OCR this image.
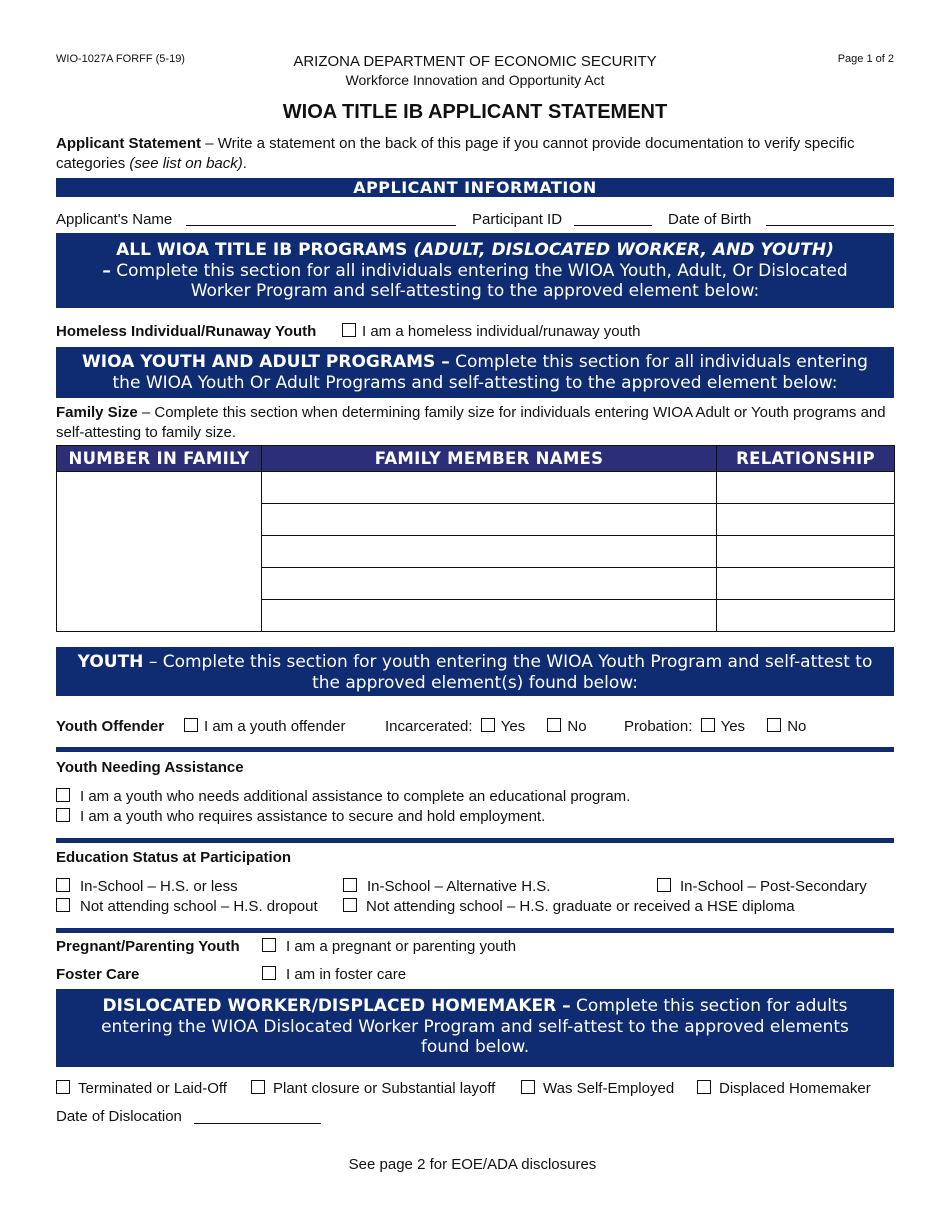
WIO-1027A FORFF (5-19)	Page 1 of 2
ARIZONA DEPARTMENT OF ECONOMIC SECURITY
Workforce Innovation and Opportunity Act
WIOA TITLE IB APPLICANT STATEMENT
Applicant Statement – Write a statement on the back of this page if you cannot provide documentation to verify specific categories (see list on back).
APPLICANT INFORMATION
Applicant's Name	Participant ID	Date of Birth
ALL WIOA TITLE IB PROGRAMS (ADULT, DISLOCATED WORKER, AND YOUTH)
– Complete this section for all individuals entering the WIOA Youth, Adult, Or Dislocated Worker Program and self-attesting to the approved element below:
Homeless Individual/Runaway Youth	I am a homeless individual/runaway youth
WIOA YOUTH AND ADULT PROGRAMS – Complete this section for all individuals entering the WIOA Youth Or Adult Programs and self-attesting to the approved element below:
Family Size – Complete this section when determining family size for individuals entering WIOA Adult or Youth programs and self-attesting to family size.
NUMBER IN FAMILY	FAMILY MEMBER NAMES	RELATIONSHIP

YOUTH – Complete this section for youth entering the WIOA Youth Program and self-attest to the approved element(s) found below:
Youth Offender	I am a youth offender	Incarcerated: Yes	No Probation: Yes	No
Youth Needing Assistance
I am a youth who needs additional assistance to complete an educational program.
I am a youth who requires assistance to secure and hold employment.
Education Status at Participation
In-School – H.S. or less	In-School – Alternative H.S.	In-School – Post-Secondary
Not attending school – H.S. dropout	Not attending school – H.S. graduate or received a HSE diploma
Pregnant/Parenting Youth	I am a pregnant or parenting youth
Foster Care	I am in foster care
DISLOCATED WORKER/DISPLACED HOMEMAKER – Complete this section for adults entering the WIOA Dislocated Worker Program and self-attest to the approved elements found below.
Terminated or Laid-Off	Plant closure or Substantial layoff	Was Self-Employed	Displaced Homemaker
Date of Dislocation
See page 2 for EOE/ADA disclosures
